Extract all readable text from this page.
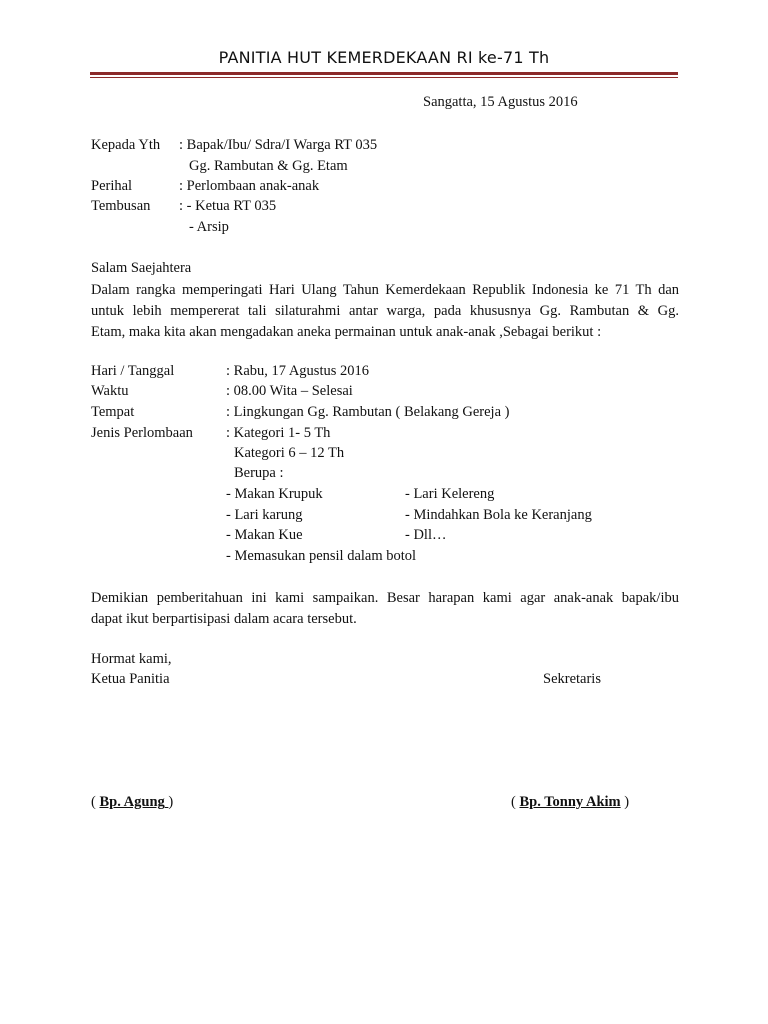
PANITIA HUT KEMERDEKAAN RI ke-71 Th
Sangatta, 15 Agustus 2016
Kepada Yth : Bapak/Ibu/ Sdra/I Warga RT 035
Gg. Rambutan & Gg. Etam
Perihal	: Perlombaan anak-anak
Tembusan : - Ketua RT 035
- Arsip
Salam Saejahtera
Dalam rangka memperingati Hari Ulang Tahun Kemerdekaan Republik Indonesia ke 71 Th dan
untuk lebih mempererat tali silaturahmi antar warga, pada khususnya Gg. Rambutan & Gg.
Etam, maka kita akan mengadakan aneka permainan untuk anak-anak ,Sebagai berikut :
Hari / Tanggal	: Rabu, 17 Agustus 2016
Waktu	: 08.00 Wita – Selesai
Tempat	: Lingkungan Gg. Rambutan ( Belakang Gereja )
Jenis Perlombaan : Kategori 1- 5 Th
Kategori 6 – 12 Th
Berupa :
- Makan Krupuk	- Lari Kelereng
- Lari karung	- Mindahkan Bola ke Keranjang
- Makan Kue	- Dll…
- Memasukan pensil dalam botol
Demikian pemberitahuan ini kami sampaikan. Besar harapan kami agar anak-anak bapak/ibu
dapat ikut berpartisipasi dalam acara tersebut.
Hormat kami,
Ketua Panitia	Sekretaris
( Bp. Agung )	( Bp. Tonny Akim )
